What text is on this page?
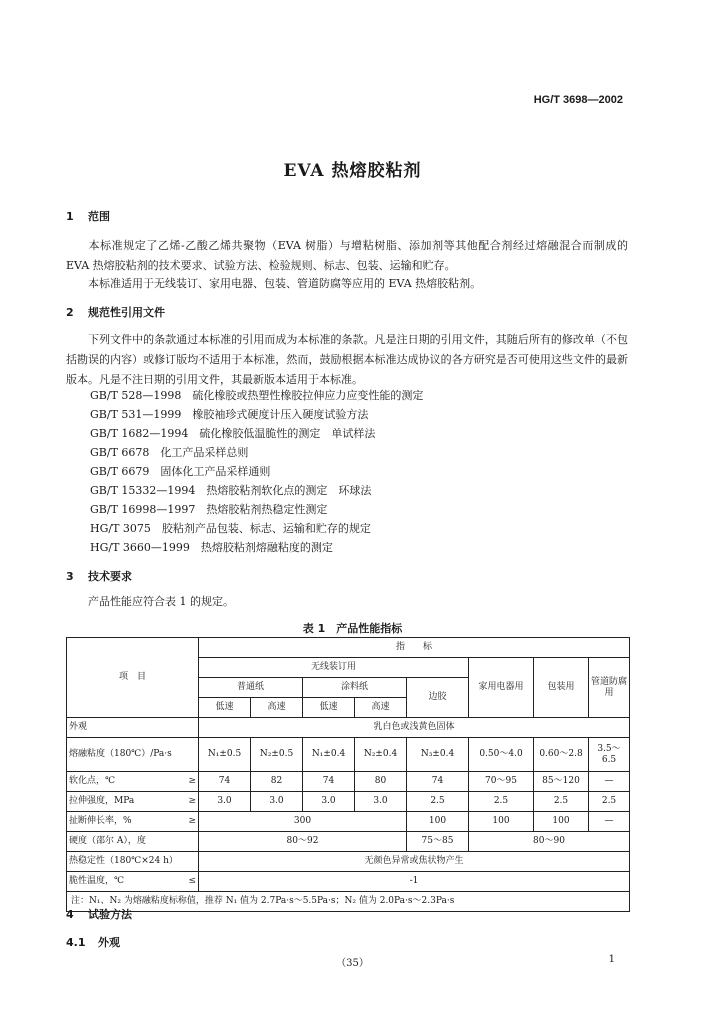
HG/T 3698—2002
EVA 热熔胶粘剂
1 范围
本标准规定了乙烯-乙酸乙烯共聚物（EVA 树脂）与增粘树脂、添加剂等其他配合剂经过熔融混合而制成的 EVA 热熔胶粘剂的技术要求、试验方法、检验规则、标志、包装、运输和贮存。
本标准适用于无线装订、家用电器、包装、管道防腐等应用的 EVA 热熔胶粘剂。
2 规范性引用文件
下列文件中的条款通过本标准的引用而成为本标准的条款。凡是注日期的引用文件，其随后所有的修改单（不包括勘误的内容）或修订版均不适用于本标准，然而，鼓励根据本标准达成协议的各方研究是否可使用这些文件的最新版本。凡是不注日期的引用文件，其最新版本适用于本标准。
GB/T 528—1998　硫化橡胶或热塑性橡胶拉伸应力应变性能的测定
GB/T 531—1999　橡胶袖珍式硬度计压入硬度试验方法
GB/T 1682—1994　硫化橡胶低温脆性的测定　单试样法
GB/T 6678　化工产品采样总则
GB/T 6679　固体化工产品采样通则
GB/T 15332—1994　热熔胶粘剂软化点的测定　环球法
GB/T 16998—1997　热熔胶粘剂热稳定性测定
HG/T 3075　胶粘剂产品包装、标志、运输和贮存的规定
HG/T 3660—1999　热熔胶粘剂熔融粘度的测定
3 技术要求
产品性能应符合表 1 的规定。
表 1　产品性能指标
项　目	指　　标							
	无线装订用					家用电器用	包装用	管道防腐用
	普通纸		涂料纸		边胶			
	低速	高速	低速	高速				
外观	乳白色或浅黄色固体							
熔融粘度（180℃）/Pa·s	N₁±0.5	N₂±0.5	N₁±0.4	N₂±0.4	N₃±0.4	0.50～4.0	0.60～2.8	3.5～6.5
软化点，℃ ≥	74	82	74	80	74	70～95	85～120	—
拉伸强度，MPa ≥	3.0	3.0	3.0	3.0	2.5	2.5	2.5	2.5
扯断伸长率，% ≥	300				100	100	100	—
硬度（邵尔 A），度	80～92				75～85	80～90		
热稳定性（180℃×24 h）	无颜色异常或焦状物产生							
脆性温度，℃ ≤	-1							
注：N₁、N₂ 为熔融粘度标称值，推荐 N₁ 值为 2.7Pa·s～5.5Pa·s；N₂ 值为 2.0Pa·s～2.3Pa·s								
4 试验方法
4.1 外观
（35）	1
